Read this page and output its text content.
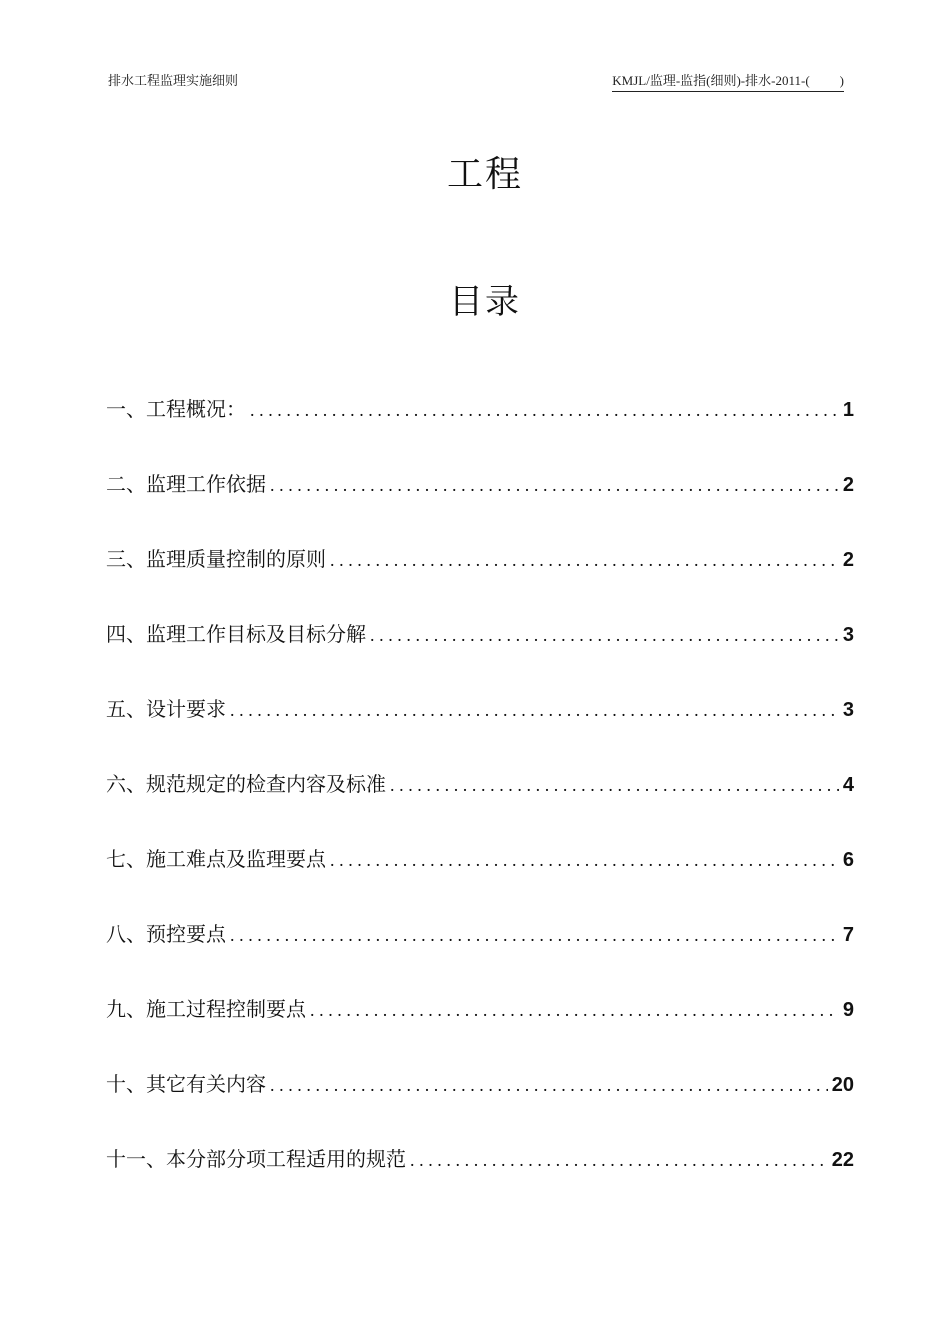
排水工程监理实施细则	KMJL/监理-监指(细则)-排水-2011-( )
工程
目录
一、工程概况： .....	1
二、监理工作依据 .....	2
三、监理质量控制的原则 .....	2
四、监理工作目标及目标分解 .....	3
五、设计要求 .....	3
六、规范规定的检查内容及标准 .....	4
七、施工难点及监理要点 .....	6
八、预控要点 .....	7
九、施工过程控制要点 .....	9
十、其它有关内容 .....	20
十一、本分部分项工程适用的规范 .....	22
